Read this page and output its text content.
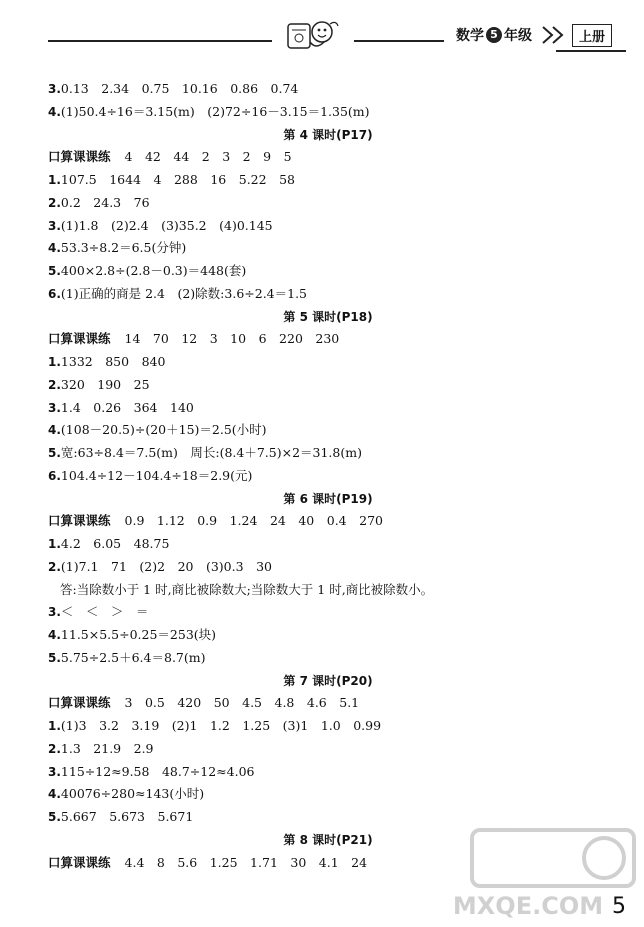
数学 5 年级	上册
3.0.13　2.34　0.75　10.16　0.86　0.74
4.(1)50.4÷16＝3.15(m)　(2)72÷16－3.15＝1.35(m)
第 4 课时(P17)
口算课课练 4　42　44　2　3　2　9　5
1.107.5　1644　4　288　16　5.22　58
2.0.2　24.3　76
3.(1)1.8　(2)2.4　(3)35.2　(4)0.145
4.53.3÷8.2＝6.5(分钟)
5.400×2.8÷(2.8－0.3)＝448(套)
6.(1)正确的商是 2.4　(2)除数:3.6÷2.4＝1.5
第 5 课时(P18)
口算课课练 14　70　12　3　10　6　220　230
1.1332　850　840
2.320　190　25
3.1.4　0.26　364　140
4.(108－20.5)÷(20＋15)＝2.5(小时)
5.宽:63÷8.4＝7.5(m)　周长:(8.4＋7.5)×2＝31.8(m)
6.104.4÷12－104.4÷18＝2.9(元)
第 6 课时(P19)
口算课课练 0.9　1.12　0.9　1.24　24　40　0.4　270
1.4.2　6.05　48.75
2.(1)7.1　71　(2)2　20　(3)0.3　30
答:当除数小于 1 时,商比被除数大;当除数大于 1 时,商比被除数小。
3.＜　＜　＞　＝
4.11.5×5.5÷0.25＝253(块)
5.5.75÷2.5＋6.4＝8.7(m)
第 7 课时(P20)
口算课课练 3　0.5　420　50　4.5　4.8　4.6　5.1
1.(1)3　3.2　3.19　(2)1　1.2　1.25　(3)1　1.0　0.99
2.1.3　21.9　2.9
3.115÷12≈9.58　48.7÷12≈4.06
4.40076÷280≈143(小时)
5.5.667　5.673　5.671
第 8 课时(P21)
口算课课练 4.4　8　5.6　1.25　1.71　30　4.1　24
MXQE.COM 5
